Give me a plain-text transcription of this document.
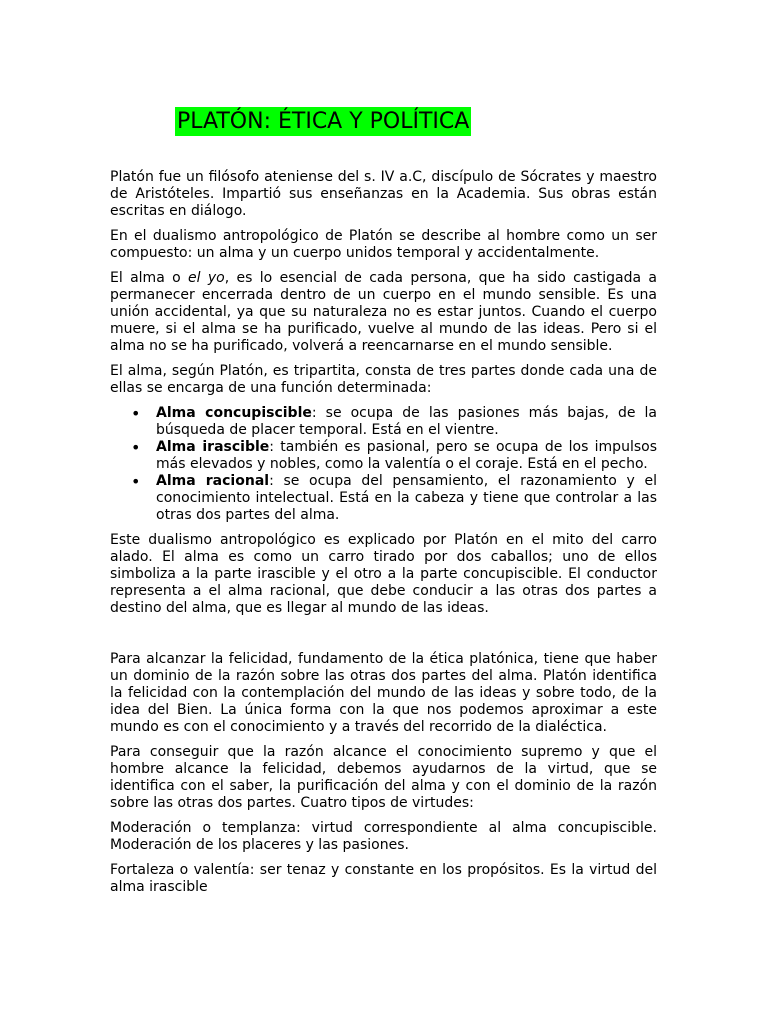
PLATÓN: ÉTICA Y POLÍTICA

Platón fue un filósofo ateniense del s. IV a.C, discípulo de Sócrates y maestro de Aristóteles. Impartió sus enseñanzas en la Academia. Sus obras están escritas en diálogo.

En el dualismo antropológico de Platón se describe al hombre como un ser compuesto: un alma y un cuerpo unidos temporal y accidentalmente.

El alma o el yo, es lo esencial de cada persona, que ha sido castigada a permanecer encerrada dentro de un cuerpo en el mundo sensible. Es una unión accidental, ya que su naturaleza no es estar juntos. Cuando el cuerpo muere, si el alma se ha purificado, vuelve al mundo de las ideas. Pero si el alma no se ha purificado, volverá a reencarnarse en el mundo sensible.

El alma, según Platón, es tripartita, consta de tres partes donde cada una de ellas se encarga de una función determinada:

• Alma concupiscible: se ocupa de las pasiones más bajas, de la búsqueda de placer temporal. Está en el vientre.
• Alma irascible: también es pasional, pero se ocupa de los impulsos más elevados y nobles, como la valentía o el coraje. Está en el pecho.
• Alma racional: se ocupa del pensamiento, el razonamiento y el conocimiento intelectual. Está en la cabeza y tiene que controlar a las otras dos partes del alma.

Este dualismo antropológico es explicado por Platón en el mito del carro alado. El alma es como un carro tirado por dos caballos; uno de ellos simboliza a la parte irascible y el otro a la parte concupiscible. El conductor representa a el alma racional, que debe conducir a las otras dos partes a destino del alma, que es llegar al mundo de las ideas.

Para alcanzar la felicidad, fundamento de la ética platónica, tiene que haber un dominio de la razón sobre las otras dos partes del alma. Platón identifica la felicidad con la contemplación del mundo de las ideas y sobre todo, de la idea del Bien. La única forma con la que nos podemos aproximar a este mundo es con el conocimiento y a través del recorrido de la dialéctica.

Para conseguir que la razón alcance el conocimiento supremo y que el hombre alcance la felicidad, debemos ayudarnos de la virtud, que se identifica con el saber, la purificación del alma y con el dominio de la razón sobre las otras dos partes. Cuatro tipos de virtudes:

Moderación o templanza: virtud correspondiente al alma concupiscible. Moderación de los placeres y las pasiones.

Fortaleza o valentía: ser tenaz y constante en los propósitos. Es la virtud del alma irascible
